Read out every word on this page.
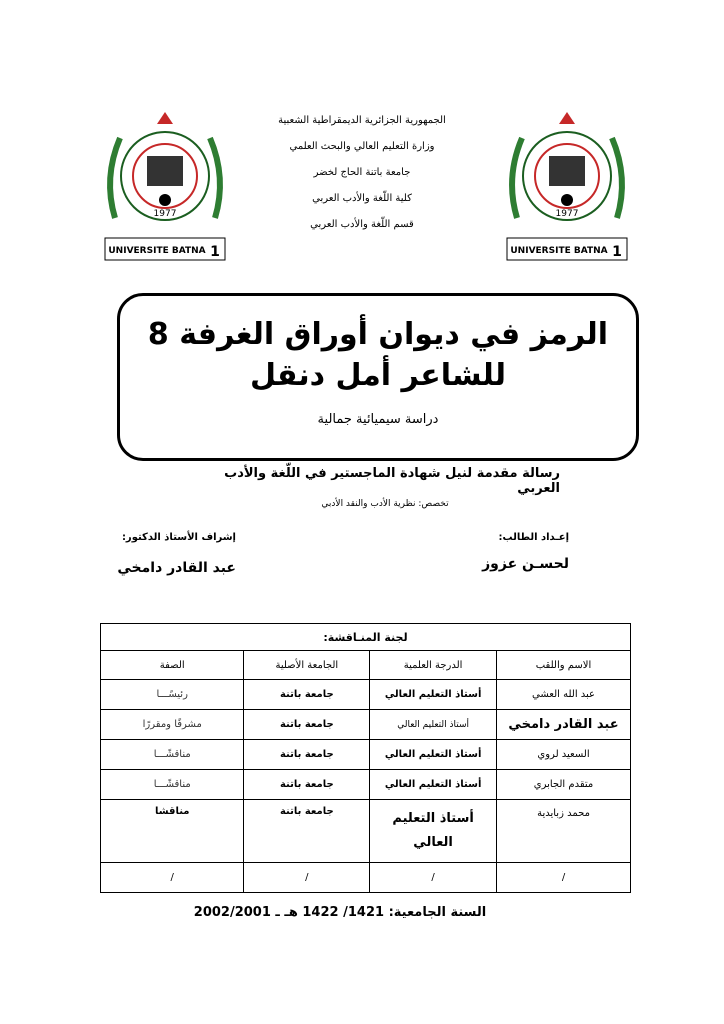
1977
UNIVERSITE BATNA 1
1977
UNIVERSITE BATNA 1
الجمهورية الجزائرية الديمقراطية الشعبية
وزارة التعليم العالي والبحث العلمي
جامعة باتنة الحاج لخضر
كلية اللّغة والأدب العربي
قسم اللّغة والأدب العربي
الرمز في ديوان أوراق الغرفة 8
للشاعر أمل دنقل
دراسة سيميائية جمالية
رسالة مقدمة لنيل شهادة الماجستير في اللّغة والأدب العربي
تخصص: نظرية الأدب والنقد الأدبي
إعـداد الطالب:
لحسـن عزوز
إشراف الأستاذ الدكتور:
عبد القادر دامخي
لجنة المنـاقشة:			
الاسم واللقب	الدرجة العلمية	الجامعة الأصلية	الصفة
عبد الله العشي	أستاذ التعليم العالي	جامعة باتنة	رئيسًـــا
عبد القادر دامخي	أستاذ التعليم العالي	جامعة باتنة	مشرفًا ومقررًا
السعيد لروي	أستاذ التعليم العالي	جامعة باتنة	مناقشًـــا
متقدم الجابري	أستاذ التعليم العالي	جامعة باتنة	مناقشًـــا
محمد زبايدية	أستاذ التعليم العالي	جامعة باتنة	مناقشا
/	/	/	/
السنة الجامعية: 1421/ 1422 هـ ـ 2002/2001
